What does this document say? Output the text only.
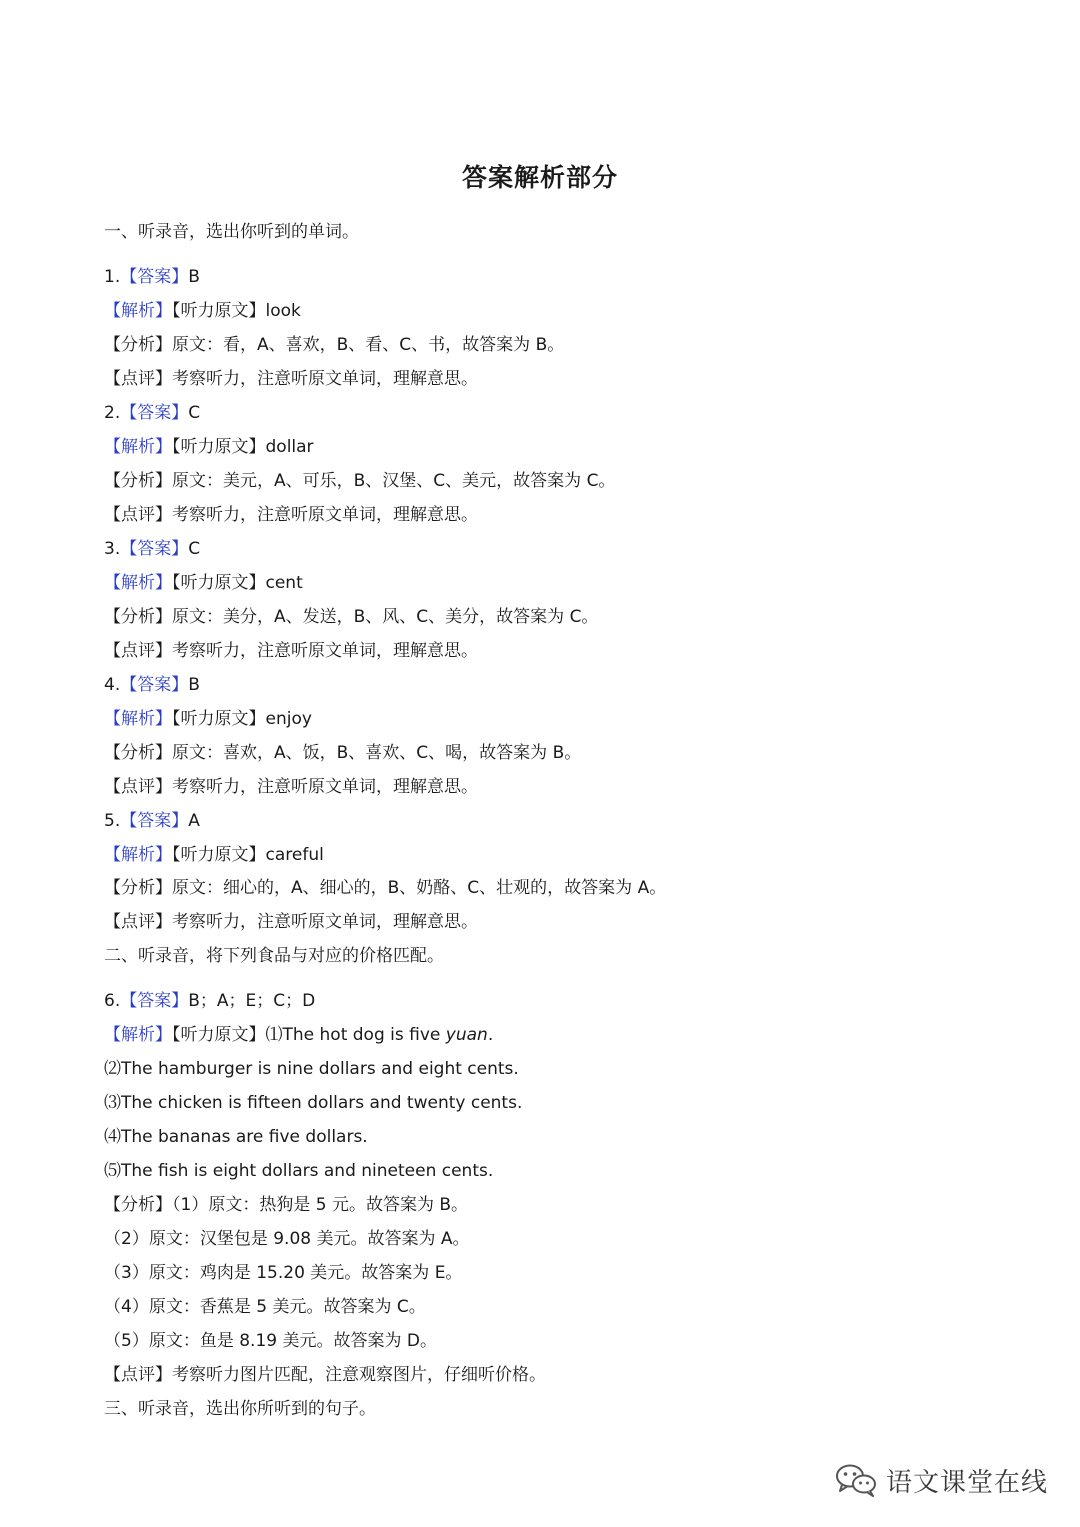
答案解析部分
一、听录音，选出你听到的单词。
1.【答案】B
【解析】【听力原文】look
【分析】原文：看，A、喜欢，B、看、C、书，故答案为 B。
【点评】考察听力，注意听原文单词，理解意思。
2.【答案】C
【解析】【听力原文】dollar
【分析】原文：美元，A、可乐，B、汉堡、C、美元，故答案为 C。
【点评】考察听力，注意听原文单词，理解意思。
3.【答案】C
【解析】【听力原文】cent
【分析】原文：美分，A、发送，B、风、C、美分，故答案为 C。
【点评】考察听力，注意听原文单词，理解意思。
4.【答案】B
【解析】【听力原文】enjoy
【分析】原文：喜欢，A、饭，B、喜欢、C、喝，故答案为 B。
【点评】考察听力，注意听原文单词，理解意思。
5.【答案】A
【解析】【听力原文】careful
【分析】原文：细心的，A、细心的，B、奶酪、C、壮观的，故答案为 A。
【点评】考察听力，注意听原文单词，理解意思。
二、听录音，将下列食品与对应的价格匹配。
6.【答案】B；A；E；C；D
【解析】【听力原文】⑴The hot dog is five yuan.
⑵The hamburger is nine dollars and eight cents.
⑶The chicken is fifteen dollars and twenty cents.
⑷The bananas are five dollars.
⑸The fish is eight dollars and nineteen cents.
【分析】（1）原文：热狗是 5 元。故答案为 B。
（2）原文：汉堡包是 9.08 美元。故答案为 A。
（3）原文：鸡肉是 15.20 美元。故答案为 E。
（4）原文：香蕉是 5 美元。故答案为 C。
（5）原文：鱼是 8.19 美元。故答案为 D。
【点评】考察听力图片匹配，注意观察图片，仔细听价格。
三、听录音，选出你所听到的句子。
语文课堂在线
